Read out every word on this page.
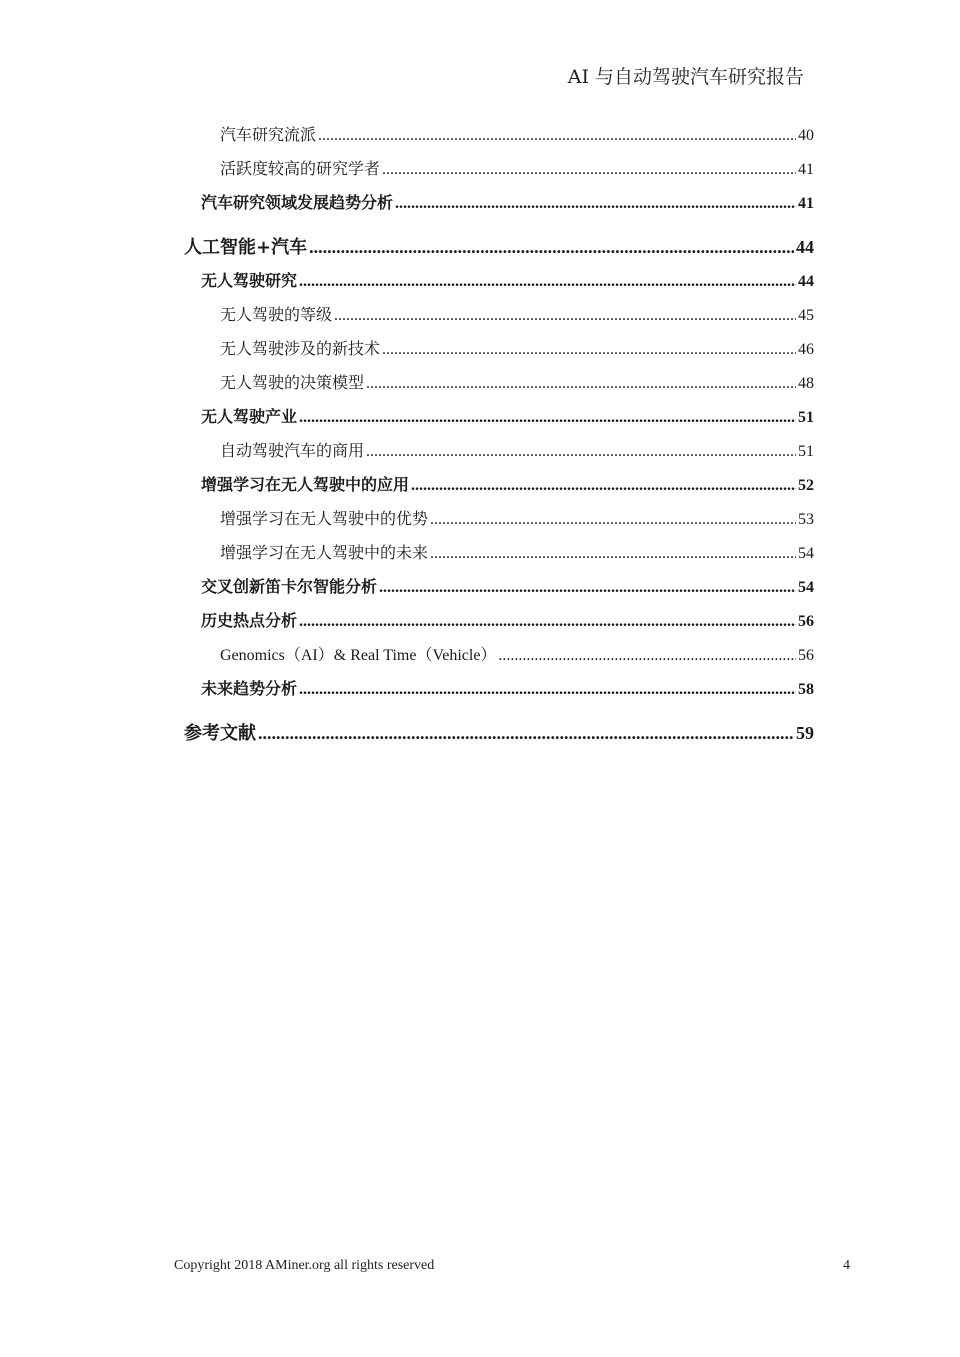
AI 与自动驾驶汽车研究报告
汽车研究流派 .....	40
活跃度较高的研究学者 .....	41
汽车研究领域发展趋势分析 .....	41
人工智能+汽车 .....	44
无人驾驶研究 .....	44
无人驾驶的等级 .....	45
无人驾驶涉及的新技术 .....	46
无人驾驶的决策模型 .....	48
无人驾驶产业 .....	51
自动驾驶汽车的商用 .....	51
增强学习在无人驾驶中的应用 .....	52
增强学习在无人驾驶中的优势 .....	53
增强学习在无人驾驶中的未来 .....	54
交叉创新笛卡尔智能分析 .....	54
历史热点分析 .....	56
Genomics（AI）& Real Time（Vehicle） .....	56
未来趋势分析 .....	58
参考文献 .....	59
Copyright 2018 AMiner.org all rights reserved	4
